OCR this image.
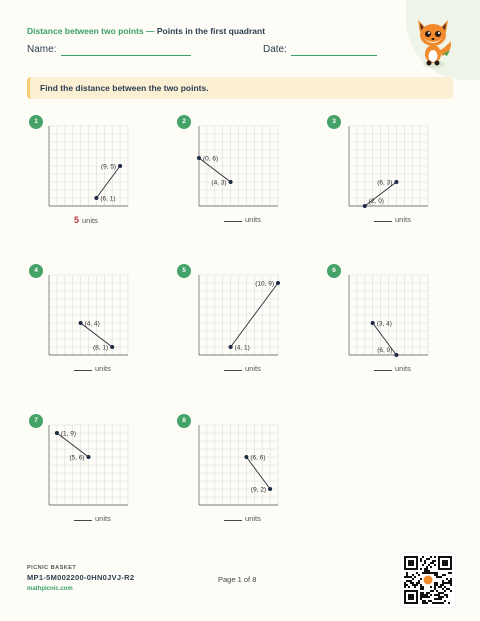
Distance between two points — Points in the first quadrant
Name:	Date:
Find the distance between the two points.
1
(6, 1)
(9, 5)
5 units
2
(0, 6)
(4, 3)
units
3
(2, 0)
(6, 3)
units
4
(4, 4)
(8, 1)
units
5
(4, 1)
(10, 9)
units
6
(3, 4)
(6, 0)
units
7
(1, 9)
(5, 6)
units
8
(6, 6)
(9, 2)
units
PICNIC BASKET
MP1-5M002200-0HN0JVJ-R2
mathpicnic.com
Page 1 of 8
